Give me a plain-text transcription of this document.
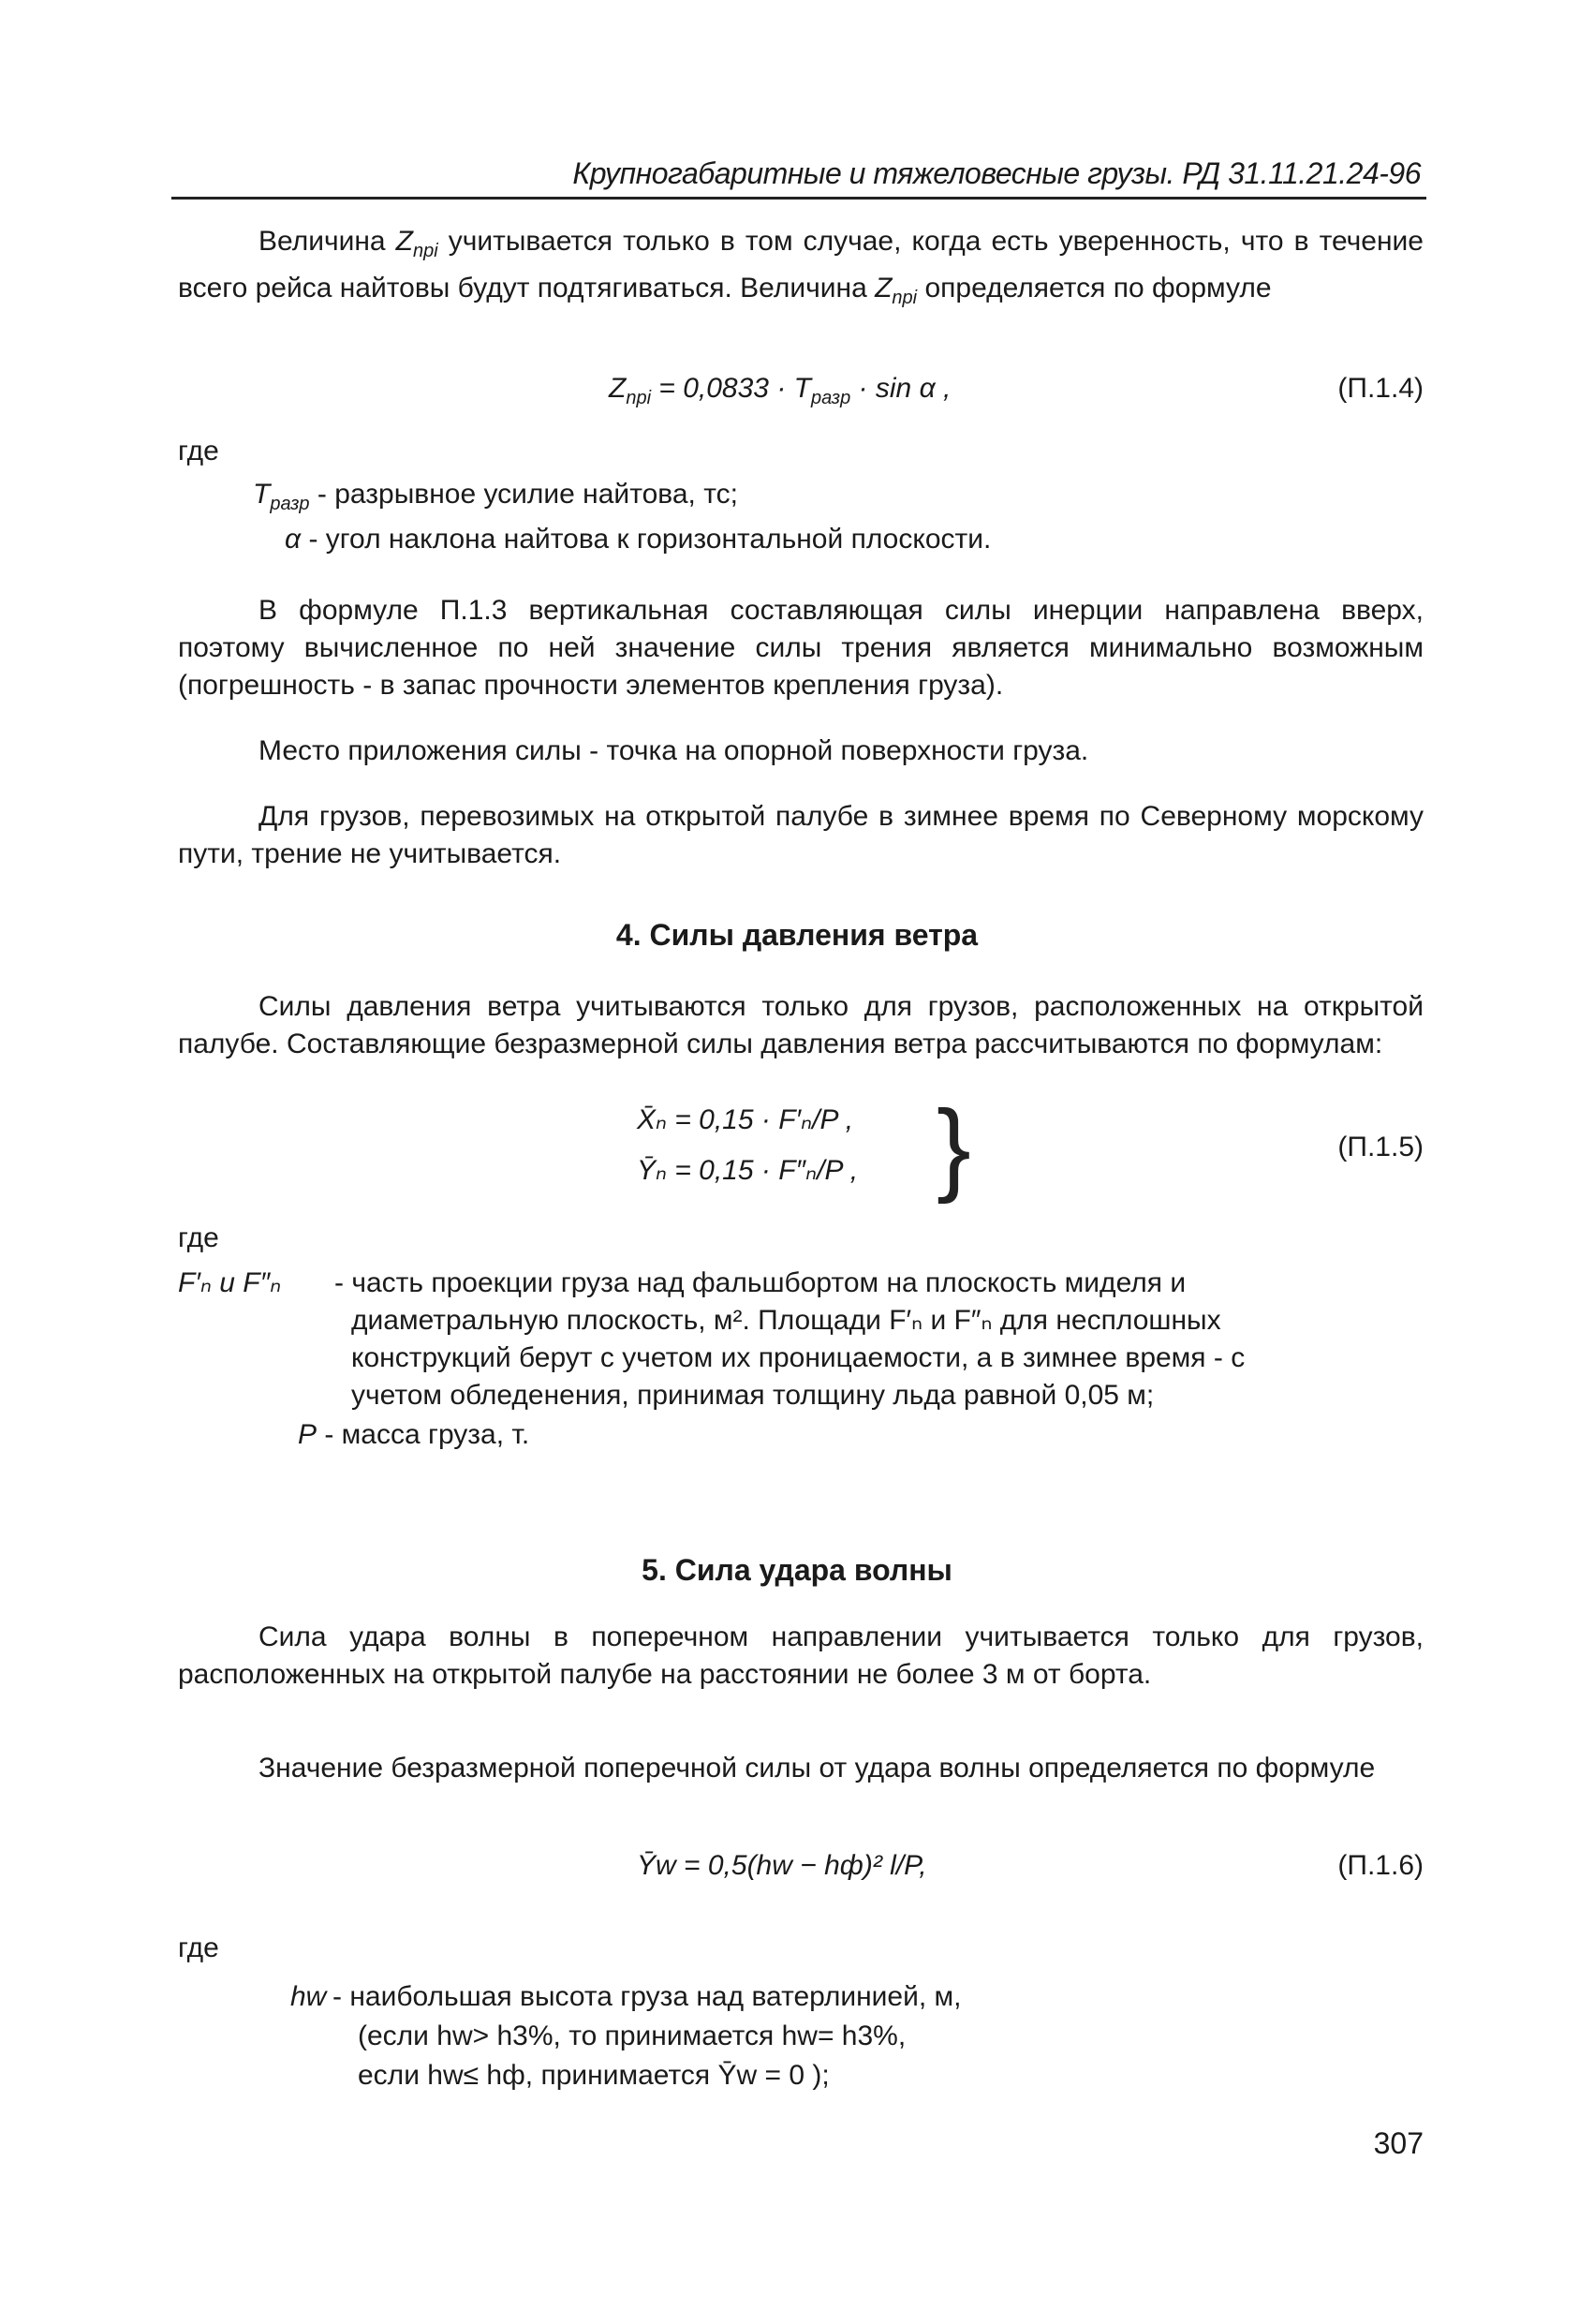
Крупногабаритные и тяжеловесные грузы. РД 31.11.21.24-96
Величина $Z_{npi}$ учитывается только в том случае, когда есть уверенность, что в течение всего рейса найтовы будут подтягиваться. Величина $Z_{npi}$ определяется по формуле
$Z_{npi} = 0,0833 \cdot T_{разр} \cdot \sin \alpha$ ,	(П.1.4)
где
$T_{разр}$ - разрывное усилие найтова, тс;
α - угол наклона найтова к горизонтальной плоскости.
В формуле П.1.3 вертикальная составляющая силы инерции направлена вверх, поэтому вычисленное по ней значение силы трения является минимально возможным (погрешность - в запас прочности элементов крепления груза).
Место приложения силы - точка на опорной поверхности груза.
Для грузов, перевозимых на открытой палубе в зимнее время по Северному морскому пути, трение не учитывается.
4. Силы давления ветра
Силы давления ветра учитываются только для грузов, расположенных на открытой палубе. Составляющие безразмерной силы давления ветра рассчитываются по формулам:
X̄ₙ = 0,15 · F′ₙ/P ,
Ȳₙ = 0,15 · F″ₙ/P , }	(П.1.5)
где
F′ₙ и F″ₙ - часть проекции груза над фальшбортом на плоскость миделя и
диаметральную плоскость, м². Площади F′ₙ и F″ₙ для несплошных
конструкций берут с учетом их проницаемости, а в зимнее время - с
учетом обледенения, принимая толщину льда равной 0,05 м;
P - масса груза, т.
5. Сила удара волны
Сила удара волны в поперечном направлении учитывается только для грузов, расположенных на открытой палубе на расстоянии не более 3 м от борта.
Значение безразмерной поперечной силы от удара волны определяется по формуле
Ȳw = 0,5(hw − hф)² l/P,	(П.1.6)
где
hw - наибольшая высота груза над ватерлинией, м,
(если hw> h3%, то принимается hw= h3%,
если hw≤ hф, принимается Ȳw = 0 );
307
